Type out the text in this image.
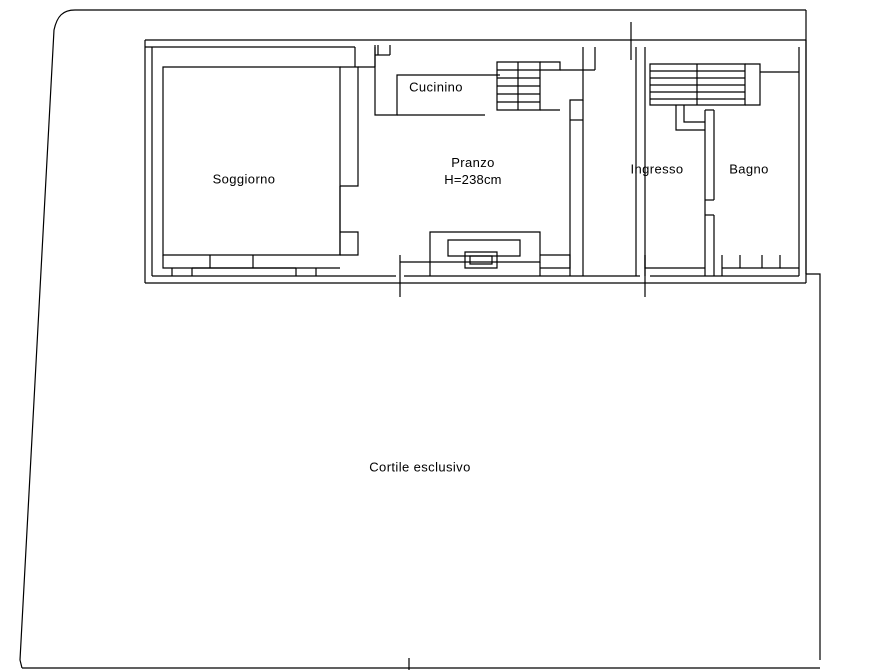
Soggiorno
Cucinino
Pranzo
H=238cm
Ingresso	Bagno
Cortile esclusivo
